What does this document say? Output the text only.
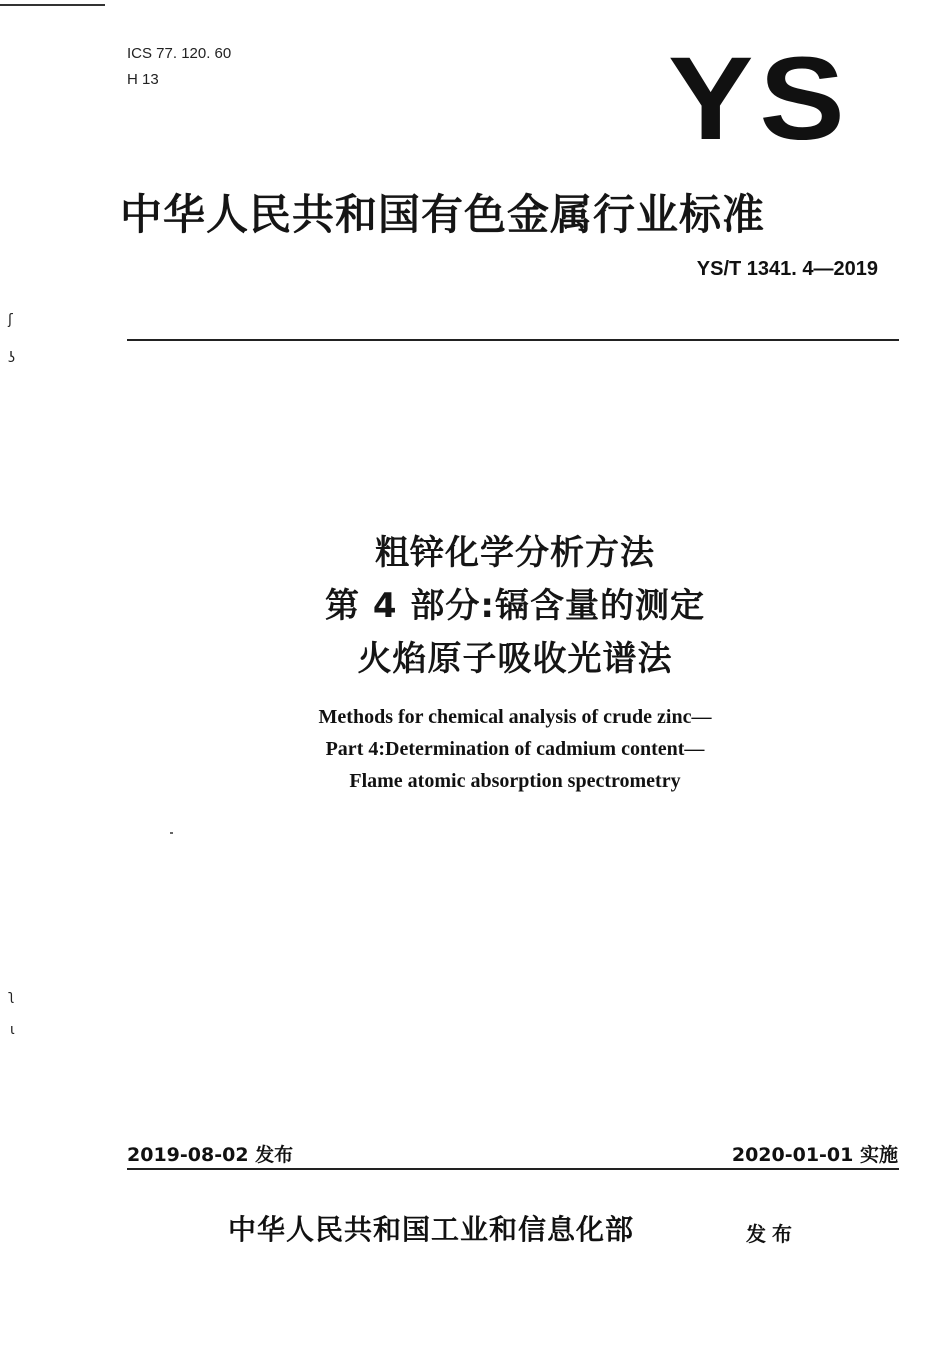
ICS 77. 120. 60
H 13	YS
中华人民共和国有色金属行业标准
YS/T 1341. 4—2019
ʃ
ʖ
ʅ
ɩ
粗锌化学分析方法
第 4 部分:镉含量的测定
火焰原子吸收光谱法
Methods for chemical analysis of crude zinc—
Part 4:Determination of cadmium content—
Flame atomic absorption spectrometry
2019-08-02 发布	2020-01-01 实施
中华人民共和国工业和信息化部	发布
